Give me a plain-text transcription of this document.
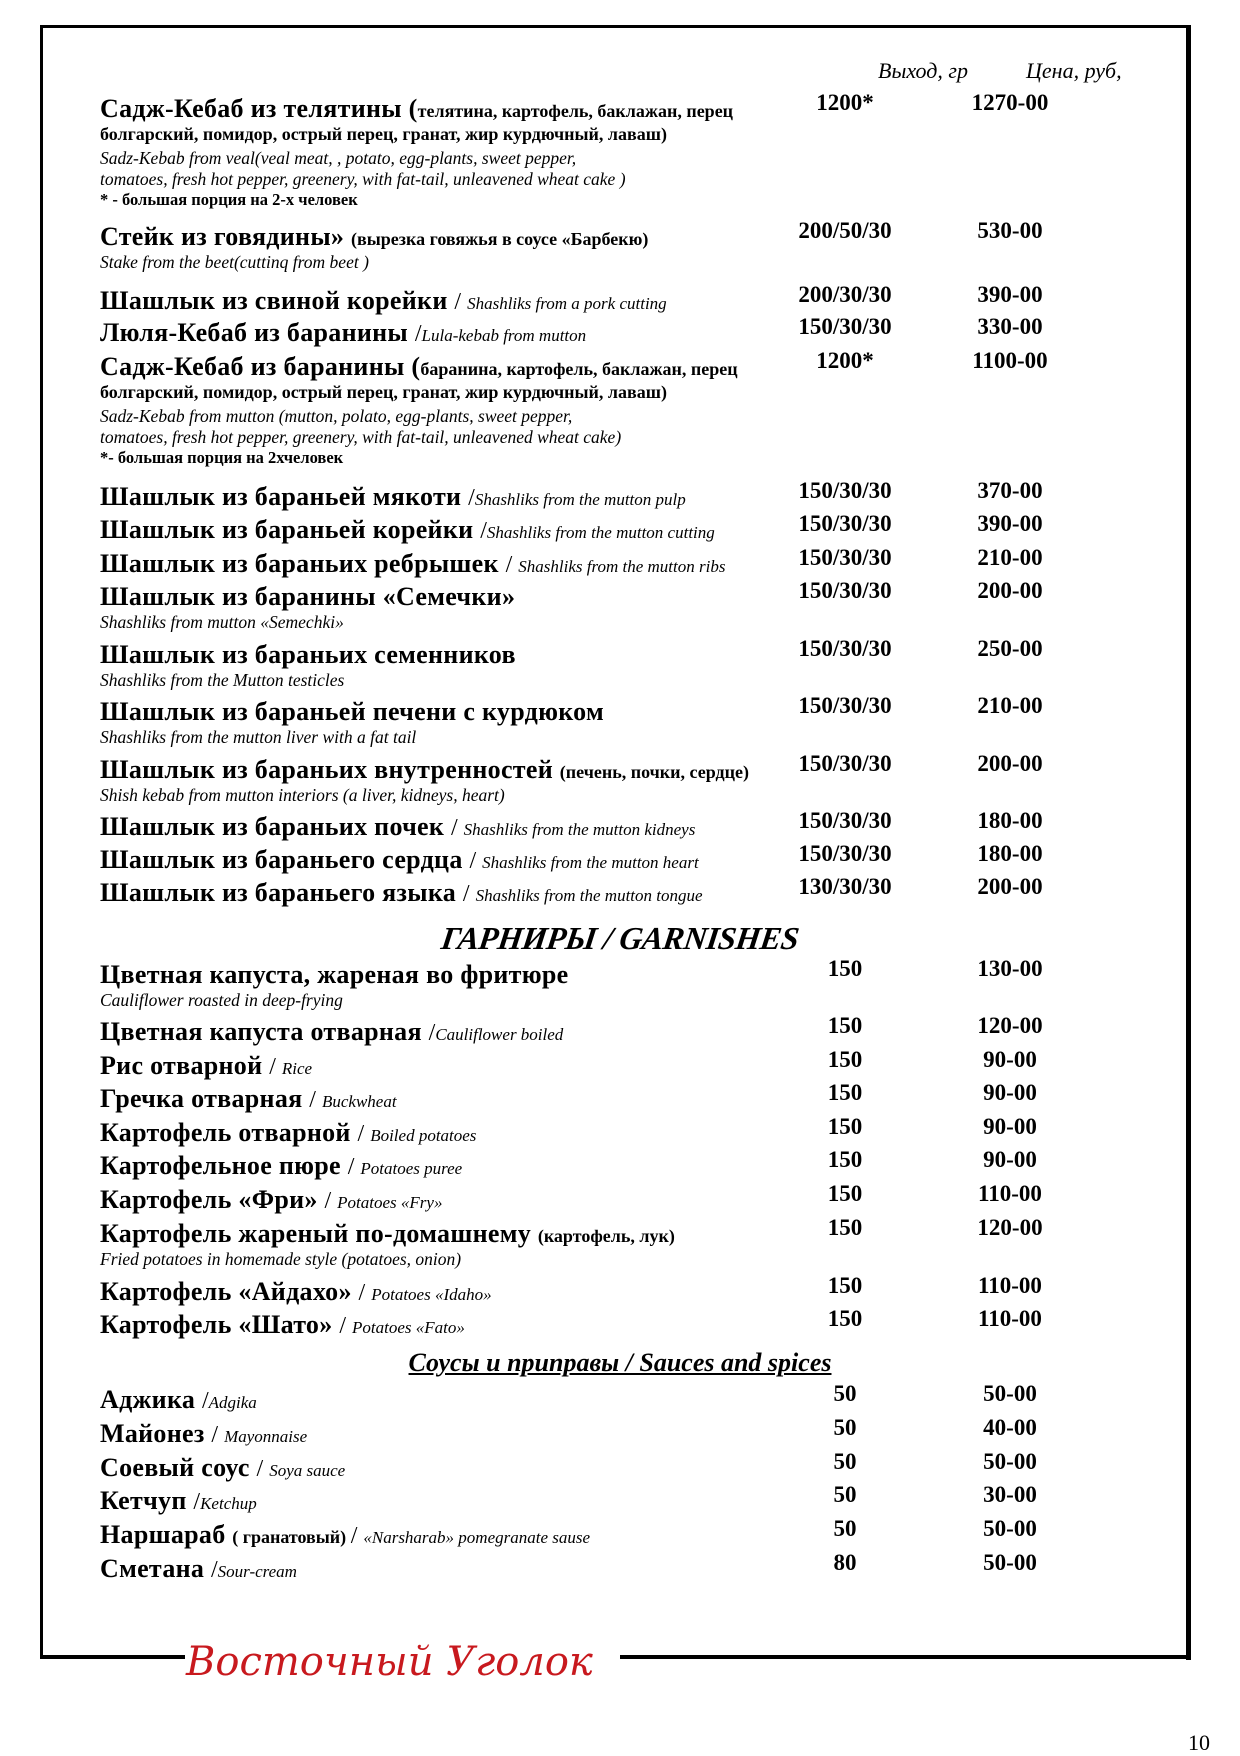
Выход, гр	Цена, руб,
Садж-Кебаб из телятины (телятина, картофель, баклажан, перец
болгарский, помидор, острый перец, гранат, жир курдючный, лаваш)
Sadz-Kebab from veal(veal meat, , potato, egg-plants, sweet pepper,
tomatoes, fresh hot pepper, greenery, with fat-tail, unleavened wheat cake )
* - большая порция на 2-х человек
1200*	1270-00
Стейк из говядины» (вырезка говяжья в соусе «Барбекю)
Stake from the beet(cuttinq from beet )
200/50/30	530-00
Шашлык из свиной корейки / Shashliks from a pork cutting	200/30/30	390-00
Люля-Кебаб из баранины /Lula-kebab from mutton	150/30/30	330-00
Садж-Кебаб из баранины (баранина, картофель, баклажан, перец
болгарский, помидор, острый перец, гранат, жир курдючный, лаваш)
Sadz-Kebab from mutton (mutton, polato, egg-plants, sweet pepper,
tomatoes, fresh hot pepper, greenery, with fat-tail, unleavened wheat cake)
*- большая порция на 2хчеловек
1200*	1100-00
Шашлык из бараньей мякоти /Shashliks from the mutton pulp	150/30/30	370-00
Шашлык из бараньей корейки /Shashliks from the mutton cutting	150/30/30	390-00
Шашлык из бараньих ребрышек / Shashliks from the mutton ribs	150/30/30	210-00
Шашлык из баранины «Семечки»
Shashliks from mutton «Semechki»
150/30/30	200-00
Шашлык из бараньих семенников
Shashliks from the Mutton testicles
150/30/30	250-00
Шашлык из бараньей печени с курдюком
Shashliks from the mutton liver with a fat tail
150/30/30	210-00
Шашлык из бараньих внутренностей (печень, почки, сердце)
Shish kebab from mutton interiors (a liver, kidneys, heart)
150/30/30	200-00
Шашлык из бараньих почек / Shashliks from the mutton kidneys	150/30/30	180-00
Шашлык из бараньего сердца / Shashliks from the mutton heart	150/30/30	180-00
Шашлык из бараньего языка / Shashliks from the mutton tongue	130/30/30	200-00
ГАРНИРЫ / GARNISHES
Цветная капуста, жареная во фритюре
Cauliflower roasted in deep-frying
150	130-00
Цветная капуста отварная /Cauliflower boiled	150	120-00
Рис отварной / Rice	150	90-00
Гречка отварная / Buckwheat	150	90-00
Картофель отварной / Boiled potatoes	150	90-00
Картофельное пюре / Potatoes puree	150	90-00
Картофель «Фри» / Potatoes «Fry»	150	110-00
Картофель жареный по-домашнему (картофель, лук)
Fried potatoes in homemade style (potatoes, onion)
150	120-00
Картофель «Айдахо» / Potatoes «Idaho»	150	110-00
Картофель «Шато» / Potatoes «Fato»	150	110-00
Соусы и приправы / Sauces and spices
Аджика /Adgika	50	50-00
Майонез / Mayonnaise	50	40-00
Соевый соус / Soya sauce	50	50-00
Кетчуп /Ketchup	50	30-00
Наршараб ( гранатовый) / «Narsharab» pomegranate sause	50	50-00
Сметана /Sour-cream	80	50-00
Восточный Уголок
10
